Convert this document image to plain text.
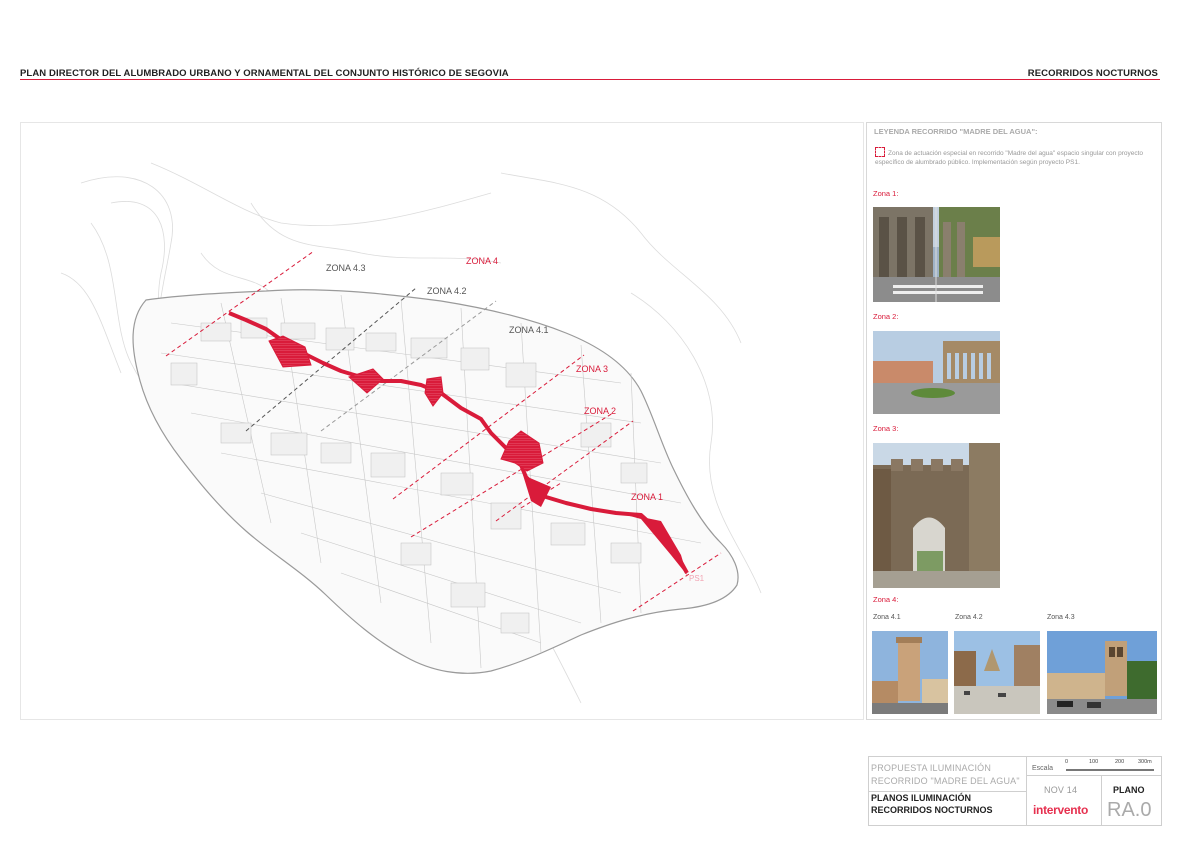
PLAN DIRECTOR DEL ALUMBRADO URBANO Y ORNAMENTAL DEL CONJUNTO HISTÓRICO DE SEGOVIA	RECORRIDOS NOCTURNOS
ZONA 4.3
ZONA 4
ZONA 4.2
ZONA 4.1
ZONA 3
ZONA 2
ZONA 1
PS1
LEYENDA RECORRIDO "MADRE DEL AGUA":
Zona de actuación especial en recorrido "Madre del agua" espacio singular con proyecto específico de alumbrado público. Implementación según proyecto PS1.
Zona 1:
Zona 2:
Zona 3:
Zona 4:
Zona 4.1	Zona 4.2	Zona 4.3
PROPUESTA ILUMINACIÓN
RECORRIDO "MADRE DEL AGUA"
PLANOS ILUMINACIÓN
RECORRIDOS NOCTURNOS
Escala
0	100	200	300m
NOV 14
intervento
PLANO
RA.0
